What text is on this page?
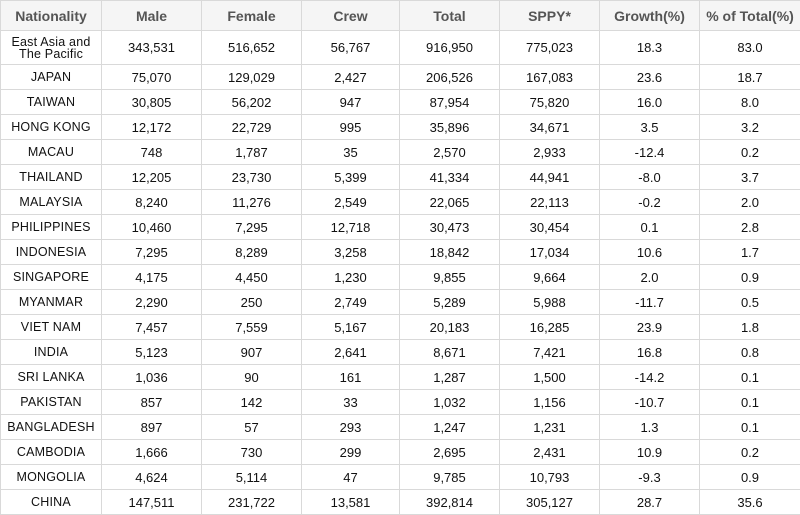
Nationality	Male	Female	Crew	Total	SPPY*	Growth(%)	% of Total(%)
East Asia and The Pacific	343,531	516,652	56,767	916,950	775,023	18.3	83.0
JAPAN	75,070	129,029	2,427	206,526	167,083	23.6	18.7
TAIWAN	30,805	56,202	947	87,954	75,820	16.0	8.0
HONG KONG	12,172	22,729	995	35,896	34,671	3.5	3.2
MACAU	748	1,787	35	2,570	2,933	-12.4	0.2
THAILAND	12,205	23,730	5,399	41,334	44,941	-8.0	3.7
MALAYSIA	8,240	11,276	2,549	22,065	22,113	-0.2	2.0
PHILIPPINES	10,460	7,295	12,718	30,473	30,454	0.1	2.8
INDONESIA	7,295	8,289	3,258	18,842	17,034	10.6	1.7
SINGAPORE	4,175	4,450	1,230	9,855	9,664	2.0	0.9
MYANMAR	2,290	250	2,749	5,289	5,988	-11.7	0.5
VIET NAM	7,457	7,559	5,167	20,183	16,285	23.9	1.8
INDIA	5,123	907	2,641	8,671	7,421	16.8	0.8
SRI LANKA	1,036	90	161	1,287	1,500	-14.2	0.1
PAKISTAN	857	142	33	1,032	1,156	-10.7	0.1
BANGLADESH	897	57	293	1,247	1,231	1.3	0.1
CAMBODIA	1,666	730	299	2,695	2,431	10.9	0.2
MONGOLIA	4,624	5,114	47	9,785	10,793	-9.3	0.9
CHINA	147,511	231,722	13,581	392,814	305,127	28.7	35.6
